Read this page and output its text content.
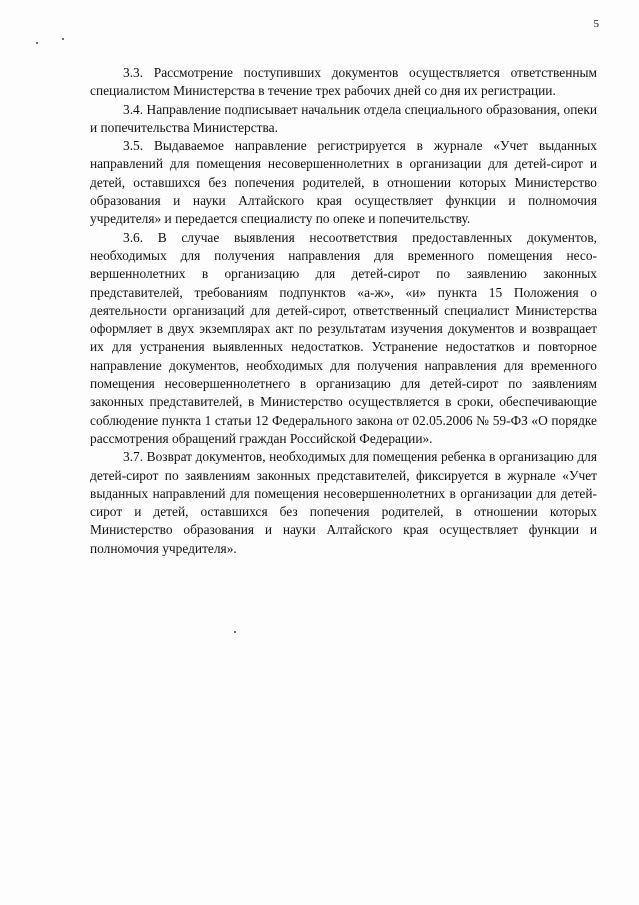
5

3.3. Рассмотрение поступивших документов осуществляется ответственным специалистом Министерства в течение трех рабочих дней со дня их регистрации.

3.4. Направление подписывает начальник отдела специального образования, опеки и попечительства Министерства.

3.5. Выдаваемое направление регистрируется в журнале «Учет выданных направлений для помещения несовершеннолетних в организации для детей-сирот и детей, оставшихся без попечения родителей, в отношении которых Министерство образования и науки Алтайского края осуществляет функции и полномочия учредителя» и передается специалисту по опеке и попечительству.

3.6. В случае выявления несоответствия предоставленных документов, необходимых для получения направления для временного помещения несовершеннолетних в организацию для детей-сирот по заявлению законных представителей, требованиям подпунктов «а-ж», «и» пункта 15 Положения о деятельности организаций для детей-сирот, ответственный специалист Министерства оформляет в двух экземплярах акт по результатам изучения документов и возвращает их для устранения выявленных недостатков. Устранение недостатков и повторное направление документов, необходимых для получения направления для временного помещения несовершеннолетнего в организацию для детей-сирот по заявлениям законных представителей, в Министерство осуществляется в сроки, обеспечивающие соблюдение пункта 1 статьи 12 Федерального закона от 02.05.2006 № 59-ФЗ «О порядке рассмотрения обращений граждан Российской Федерации».

3.7. Возврат документов, необходимых для помещения ребенка в организацию для детей-сирот по заявлениям законных представителей, фиксируется в журнале «Учет выданных направлений для помещения несовершеннолетних в организации для детей-сирот и детей, оставшихся без попечения родителей, в отношении которых Министерство образования и науки Алтайского края осуществляет функции и полномочия учредителя».
